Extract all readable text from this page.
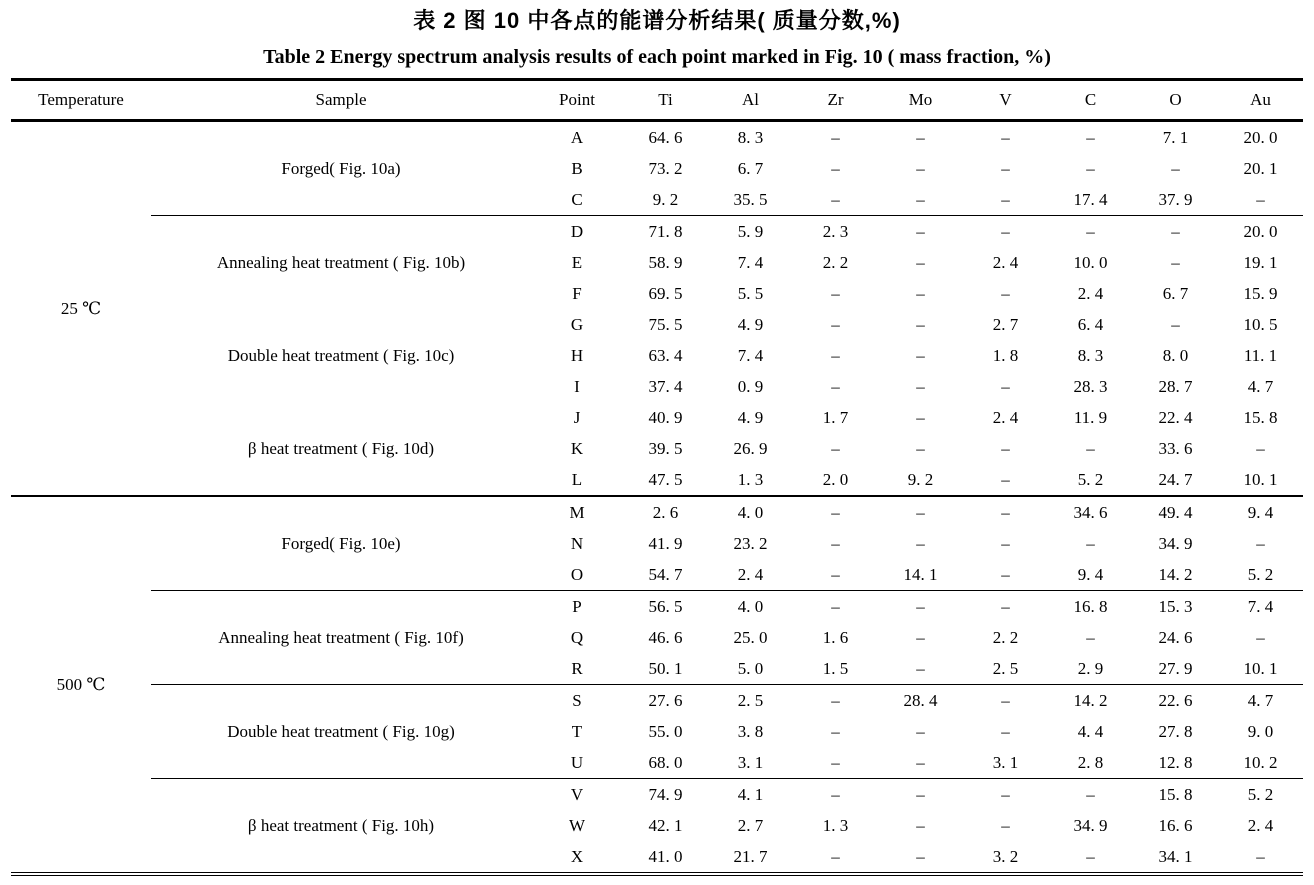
表 2 图 10 中各点的能谱分析结果( 质量分数,%)
Table 2 Energy spectrum analysis results of each point marked in Fig. 10 ( mass fraction, %)
Temperature	Sample	Point	Ti	Al	Zr	Mo	V	C	O	Au
25 ℃	Forged( Fig. 10a)	A	64. 6	8. 3	–	–	–	–	7. 1	20. 0
		B	73. 2	6. 7	–	–	–	–	–	20. 1
		C	9. 2	35. 5	–	–	–	17. 4	37. 9	–
	Annealing heat treatment ( Fig. 10b)	D	71. 8	5. 9	2. 3	–	–	–	–	20. 0
		E	58. 9	7. 4	2. 2	–	2. 4	10. 0	–	19. 1
		F	69. 5	5. 5	–	–	–	2. 4	6. 7	15. 9
	Double heat treatment ( Fig. 10c)	G	75. 5	4. 9	–	–	2. 7	6. 4	–	10. 5
		H	63. 4	7. 4	–	–	1. 8	8. 3	8. 0	11. 1
		I	37. 4	0. 9	–	–	–	28. 3	28. 7	4. 7
	β heat treatment ( Fig. 10d)	J	40. 9	4. 9	1. 7	–	2. 4	11. 9	22. 4	15. 8
		K	39. 5	26. 9	–	–	–	–	33. 6	–
		L	47. 5	1. 3	2. 0	9. 2	–	5. 2	24. 7	10. 1
500 ℃	Forged( Fig. 10e)	M	2. 6	4. 0	–	–	–	34. 6	49. 4	9. 4
		N	41. 9	23. 2	–	–	–	–	34. 9	–
		O	54. 7	2. 4	–	14. 1	–	9. 4	14. 2	5. 2
	Annealing heat treatment ( Fig. 10f)	P	56. 5	4. 0	–	–	–	16. 8	15. 3	7. 4
		Q	46. 6	25. 0	1. 6	–	2. 2	–	24. 6	–
		R	50. 1	5. 0	1. 5	–	2. 5	2. 9	27. 9	10. 1
	Double heat treatment ( Fig. 10g)	S	27. 6	2. 5	–	28. 4	–	14. 2	22. 6	4. 7
		T	55. 0	3. 8	–	–	–	4. 4	27. 8	9. 0
		U	68. 0	3. 1	–	–	3. 1	2. 8	12. 8	10. 2
	β heat treatment ( Fig. 10h)	V	74. 9	4. 1	–	–	–	–	15. 8	5. 2
		W	42. 1	2. 7	1. 3	–	–	34. 9	16. 6	2. 4
		X	41. 0	21. 7	–	–	3. 2	–	34. 1	–
